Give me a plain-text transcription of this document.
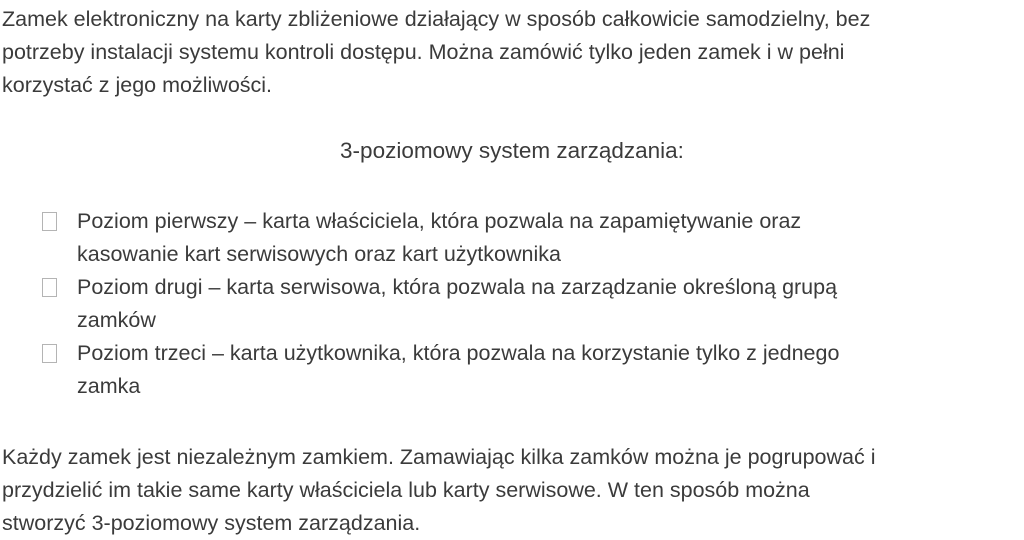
Zamek elektroniczny na karty zbliżeniowe działający w sposób całkowicie samodzielny, bez
potrzeby instalacji systemu kontroli dostępu. Można zamówić tylko jeden zamek i w pełni
korzystać z jego możliwości.

3-poziomowy system zarządzania:
Poziom pierwszy – karta właściciela, która pozwala na zapamiętywanie oraz
kasowanie kart serwisowych oraz kart użytkownika
Poziom drugi – karta serwisowa, która pozwala na zarządzanie określoną grupą
zamków
Poziom trzeci – karta użytkownika, która pozwala na korzystanie tylko z jednego
zamka

Każdy zamek jest niezależnym zamkiem. Zamawiając kilka zamków można je pogrupować i
przydzielić im takie same karty właściciela lub karty serwisowe. W ten sposób można
stworzyć 3-poziomowy system zarządzania.
